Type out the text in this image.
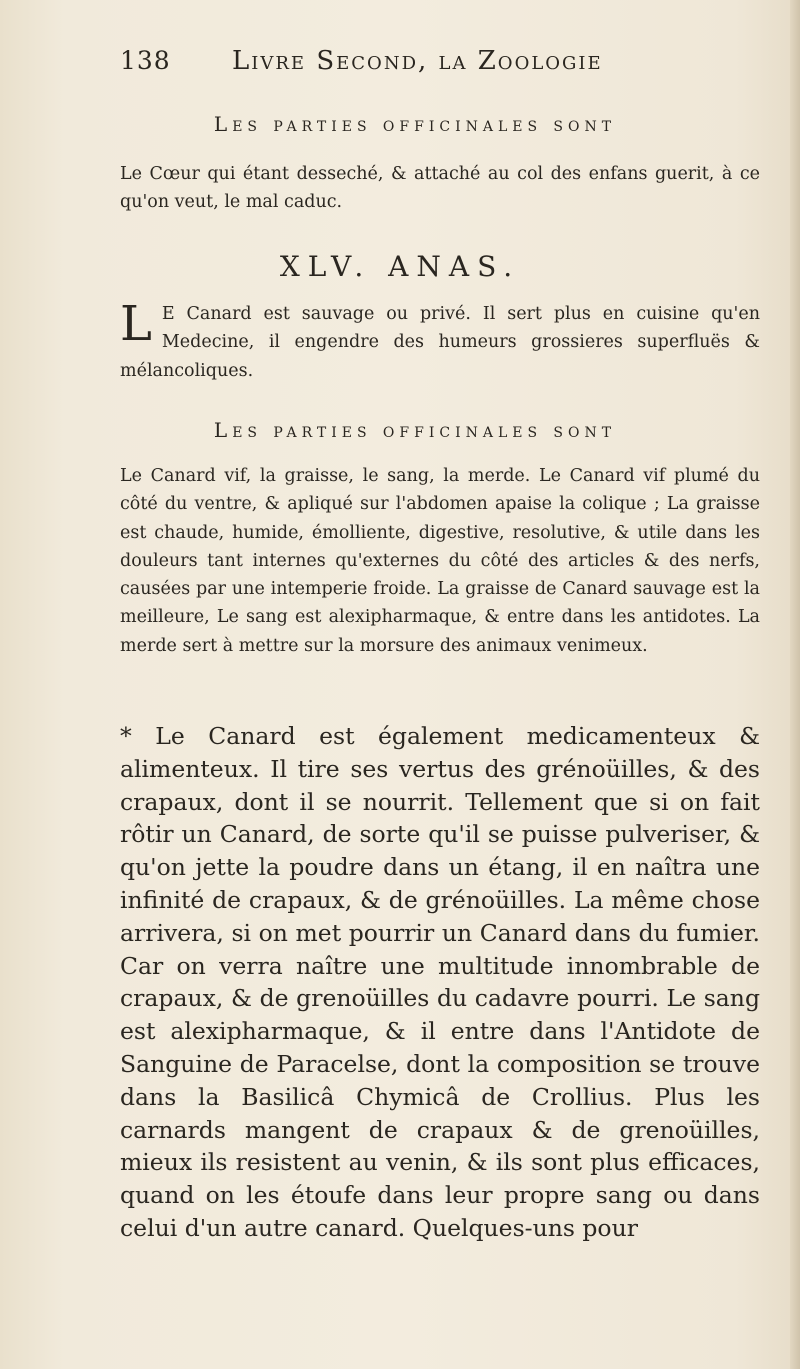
138 Livre Second, la Zoologie
Les parties officinales sont
Le Cœur qui étant desseché, & attaché au col des enfans guerit, à ce qu'on veut, le mal caduc.
XLV. ANAS.
L E Canard est sauvage ou privé. Il sert plus en cuisine qu'en Medecine, il engendre des humeurs grossieres superfluës & mélancoliques.
Les parties officinales sont
Le Canard vif, la graisse, le sang, la merde. Le Canard vif plumé du côté du ventre, & apliqué sur l'abdomen apaise la colique ; La graisse est chaude, humide, émolliente, digestive, resolutive, & utile dans les douleurs tant internes qu'externes du côté des articles & des nerfs, causées par une intemperie froide. La graisse de Canard sauvage est la meilleure, Le sang est alexipharmaque, & entre dans les antidotes. La merde sert à mettre sur la morsure des animaux venimeux.
* Le Canard est également medicamenteux & alimenteux. Il tire ses vertus des grénoüilles, & des crapaux, dont il se nourrit. Tellement que si on fait rôtir un Canard, de sorte qu'il se puisse pulveriser, & qu'on jette la poudre dans un étang, il en naîtra une infinité de crapaux, & de grénoüilles. La même chose arrivera, si on met pourrir un Canard dans du fumier. Car on verra naître une multitude innombrable de crapaux, & de grenoüilles du cadavre pourri. Le sang est alexipharmaque, & il entre dans l'Antidote de Sanguine de Paracelse, dont la composition se trouve dans la Basilicâ Chymicâ de Crollius. Plus les carnards mangent de crapaux & de grenoüilles, mieux ils resistent au venin, & ils sont plus efficaces, quand on les étoufe dans leur propre sang ou dans celui d'un autre canard. Quelques-uns pour
